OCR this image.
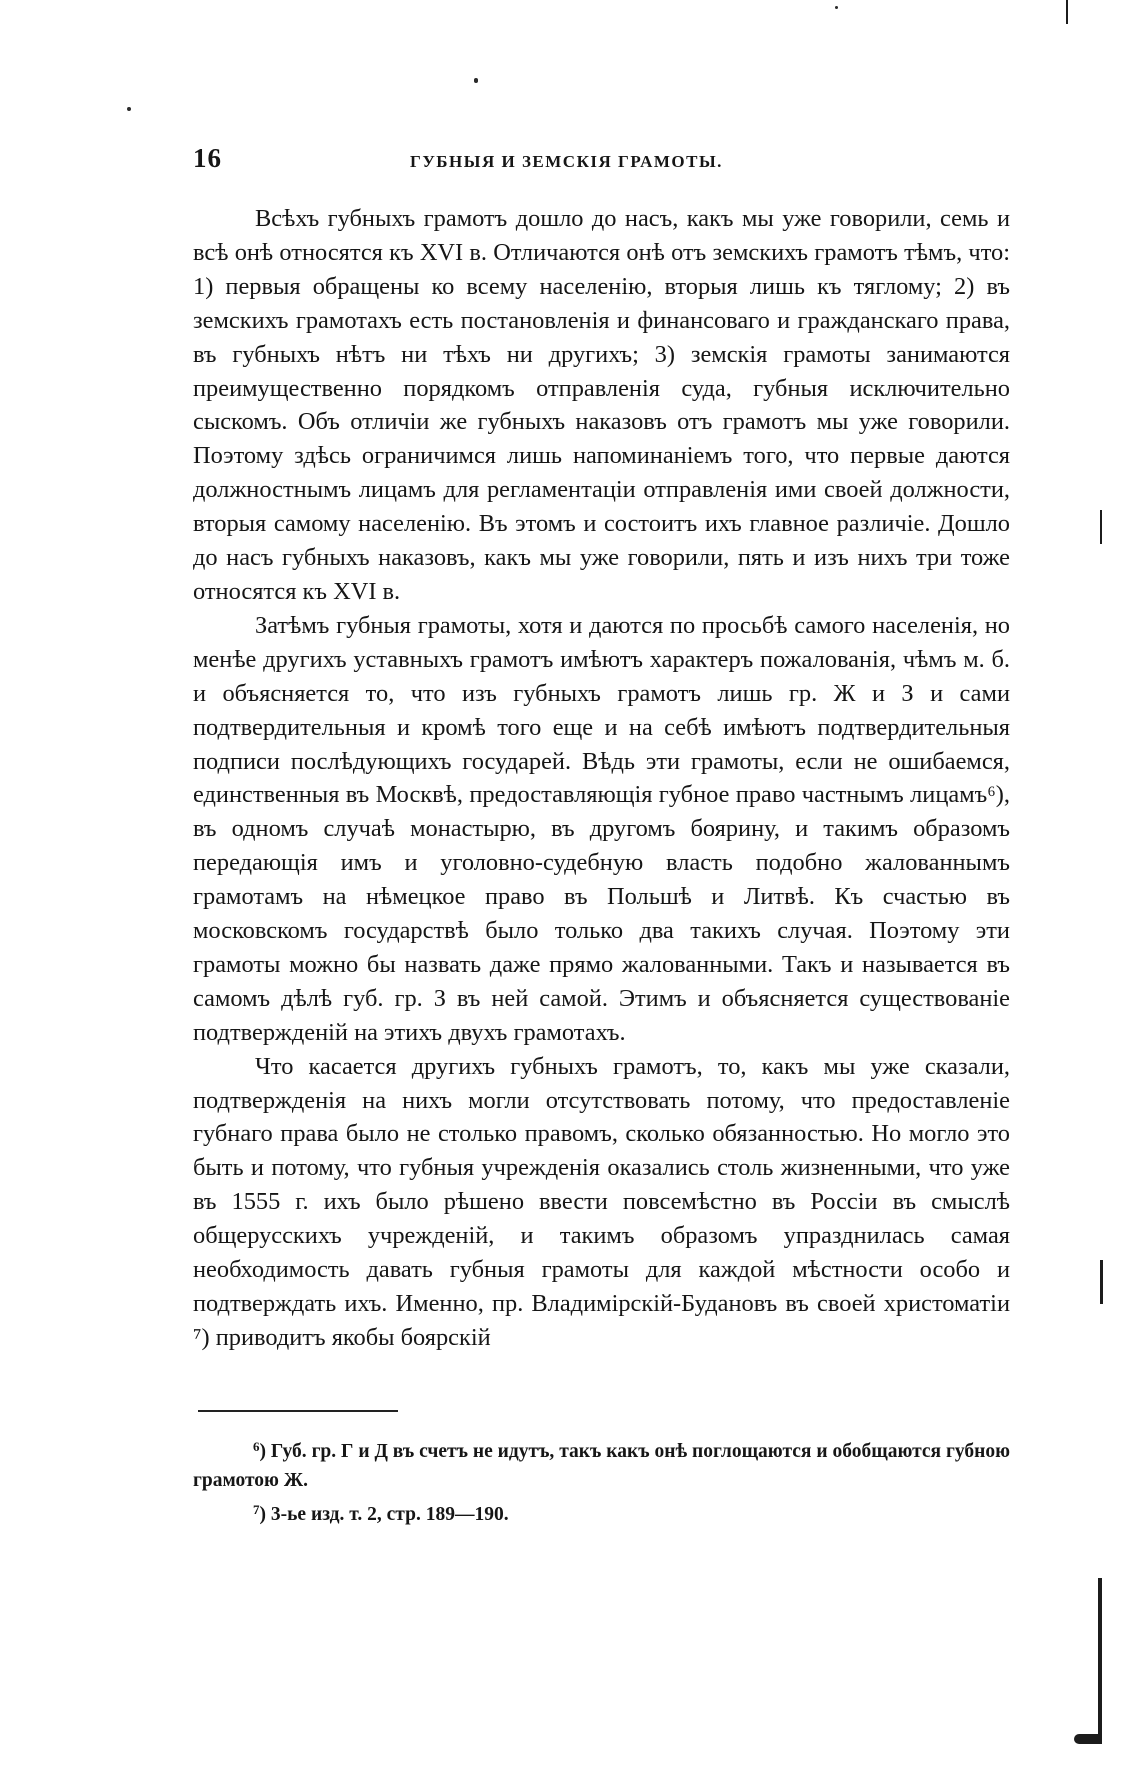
16	ГУБНЫЯ И ЗЕМСКІЯ ГРАМОТЫ.

Всѣхъ губныхъ грамотъ дошло до насъ, какъ мы уже говорили, семь и всѣ онѣ относятся къ XVI в. Отличаются онѣ отъ земскихъ грамотъ тѣмъ, что: 1) первыя обращены ко всему населенію, вторыя лишь къ тяглому; 2) въ земскихъ грамотахъ есть постановленія и финансоваго и гражданскаго права, въ губныхъ нѣтъ ни тѣхъ ни другихъ; 3) земскія грамоты занимаются преимущественно порядкомъ отправленія суда, губныя исключительно сыскомъ. Объ отличіи же губныхъ наказовъ отъ грамотъ мы уже говорили. Поэтому здѣсь ограничимся лишь напоминаніемъ того, что первые даются должностнымъ лицамъ для регламентаціи отправленія ими своей должности, вторыя самому населенію. Въ этомъ и состоитъ ихъ главное различіе. Дошло до насъ губныхъ наказовъ, какъ мы уже говорили, пять и изъ нихъ три тоже относятся къ XVI в.

Затѣмъ губныя грамоты, хотя и даются по просьбѣ самого населенія, но менѣе другихъ уставныхъ грамотъ имѣютъ характеръ пожалованія, чѣмъ м. б. и объясняется то, что изъ губныхъ грамотъ лишь гр. Ж и З и сами подтвердительныя и кромѣ того еще и на себѣ имѣютъ подтвердительныя подписи послѣдующихъ государей. Вѣдь эти грамоты, если не ошибаемся, единственныя въ Москвѣ, предоставляющія губное право частнымъ лицамъ⁶), въ одномъ случаѣ монастырю, въ другомъ боярину, и такимъ образомъ передающія имъ и уголовно-судебную власть подобно жалованнымъ грамотамъ на нѣмецкое право въ Польшѣ и Литвѣ. Къ счастью въ московскомъ государствѣ было только два такихъ случая. Поэтому эти грамоты можно бы назвать даже прямо жалованными. Такъ и называется въ самомъ дѣлѣ губ. гр. З въ ней самой. Этимъ и объясняется существованіе подтвержденій на этихъ двухъ грамотахъ.

Что касается другихъ губныхъ грамотъ, то, какъ мы уже сказали, подтвержденія на нихъ могли отсутствовать потому, что предоставленіе губнаго права было не столько правомъ, сколько обязанностью. Но могло это быть и потому, что губныя учрежденія оказались столь жизненными, что уже въ 1555 г. ихъ было рѣшено ввести повсемѣстно въ Россіи въ смыслѣ общерусскихъ учрежденій, и такимъ образомъ упразднилась самая необходимость давать губныя грамоты для каждой мѣстности особо и подтверждать ихъ. Именно, пр. Владимірскій-Будановъ въ своей христоматіи ⁷) приводитъ якобы боярскій

$^6$) Губ. гр. Г и Д въ счетъ не идутъ, такъ какъ онѣ поглощаются и обобщаются губною грамотою Ж.

$^7$) 3-ье изд. т. 2, стр. 189—190.
